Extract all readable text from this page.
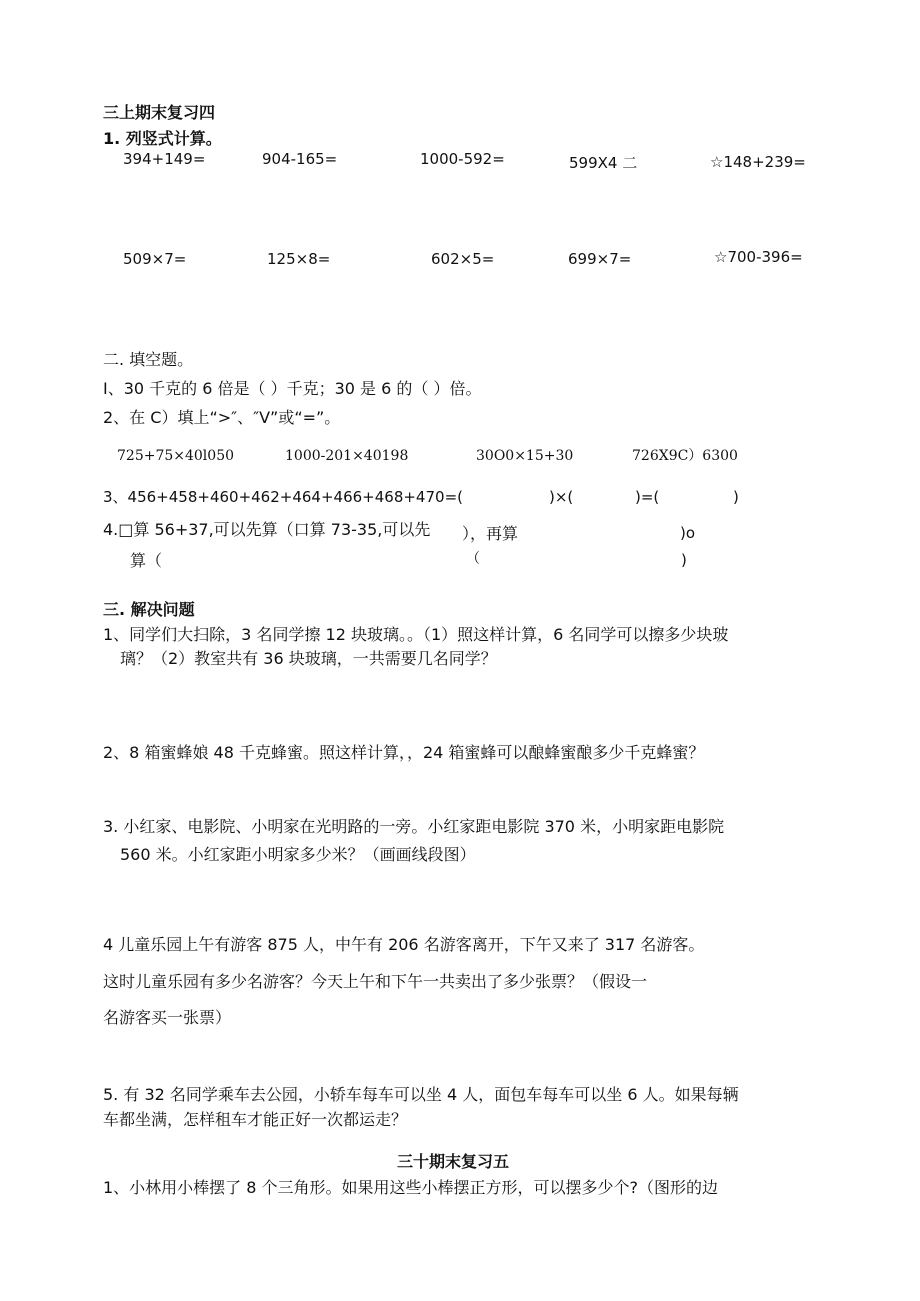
三上期末复习四
1. 列竖式计算。
394+149=	904-165=	1000-592=	599X4 二	☆148+239=
509×7=	125×8=	602×5=	699×7=	☆700-396=
二. 填空题。
I、30 千克的 6 倍是（ ）千克；30 是 6 的（ ）倍。
2、在 C）填上“>″、″V”或“=”。
725+75×40l050	1000-201×40198	30O0×15+30	726X9C）6300
3、456+458+460+462+464+466+468+470=(	)×(	)=(	)
4.□算 56+37,可以先算（口算 73-35,可以先 ），再算	)o
算（	（	)
三. 解决问题
1、同学们大扫除，3 名同学擦 12 块玻璃。。（1）照这样计算，6 名同学可以擦多少块玻
璃？（2）教室共有 36 块玻璃，一共需要几名同学？
2、8 箱蜜蜂娘 48 千克蜂蜜。照这样计算，，24 箱蜜蜂可以酿蜂蜜酿多少千克蜂蜜？
3. 小红家、电影院、小明家在光明路的一旁。小红家距电影院 370 米，小明家距电影院
560 米。小红家距小明家多少米？（画画线段图）
4 儿童乐园上午有游客 875 人，中午有 206 名游客离开，下午又来了 317 名游客。
这时儿童乐园有多少名游客？今天上午和下午一共卖出了多少张票？（假设一
名游客买一张票）
5. 有 32 名同学乘车去公园，小轿车每车可以坐 4 人，面包车每车可以坐 6 人。如果每辆
车都坐满，怎样租车才能正好一次都运走？
三十期末复习五
1、小林用小棒摆了 8 个三角形。如果用这些小棒摆正方形，可以摆多少个?（图形的边
